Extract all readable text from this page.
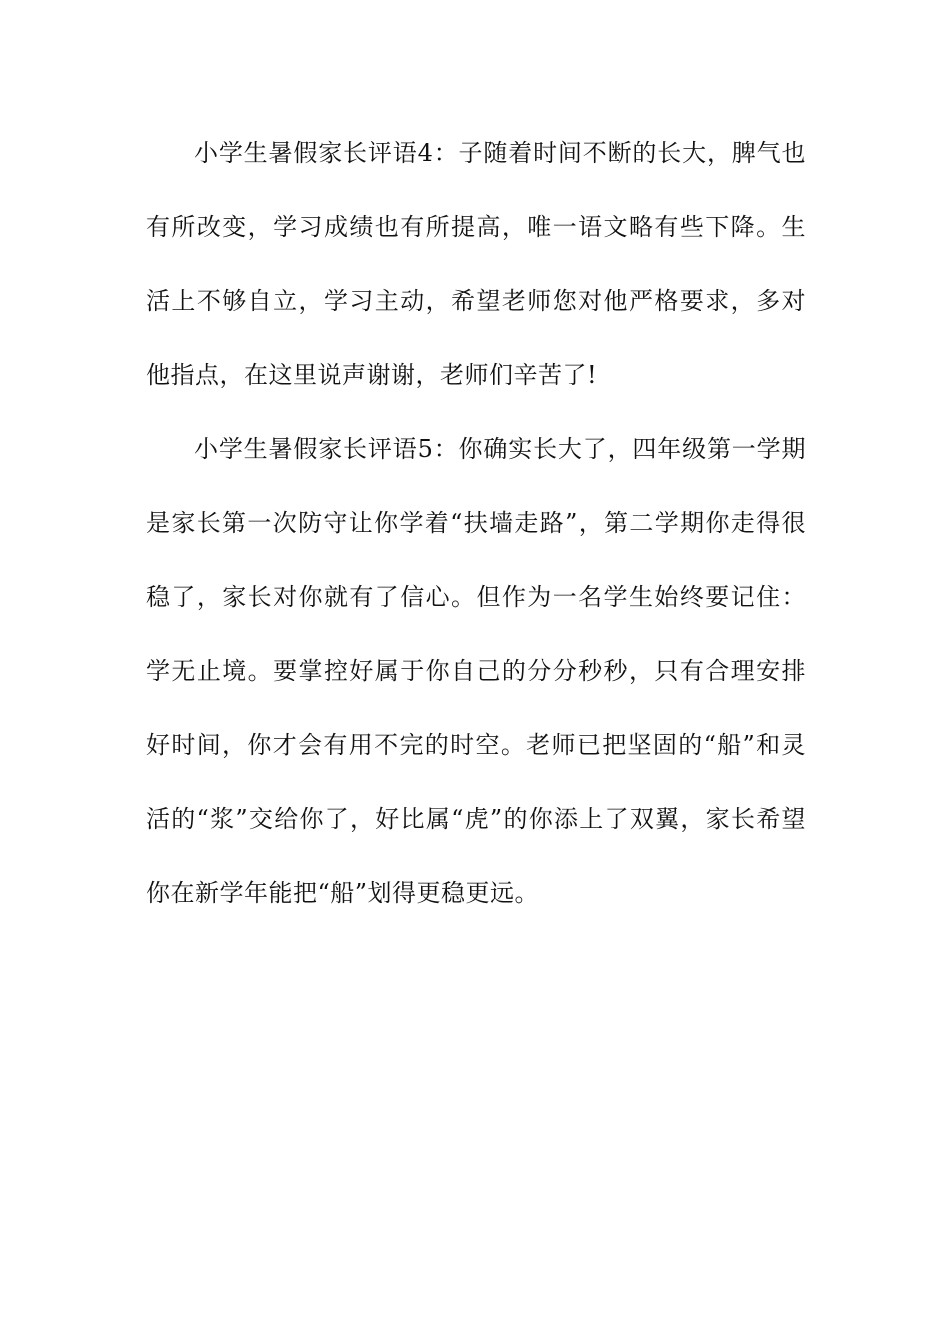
小学生暑假家长评语4：子随着时间不断的长大，脾气也有所改变，学习成绩也有所提高，唯一语文略有些下降。生活上不够自立，学习主动，希望老师您对他严格要求，多对他指点，在这里说声谢谢，老师们辛苦了!

小学生暑假家长评语5：你确实长大了，四年级第一学期是家长第一次防守让你学着“扶墙走路”，第二学期你走得很稳了，家长对你就有了信心。但作为一名学生始终要记住：学无止境。要掌控好属于你自己的分分秒秒，只有合理安排好时间，你才会有用不完的时空。老师已把坚固的“船”和灵活的“浆”交给你了，好比属“虎”的你添上了双翼，家长希望你在新学年能把“船”划得更稳更远。
